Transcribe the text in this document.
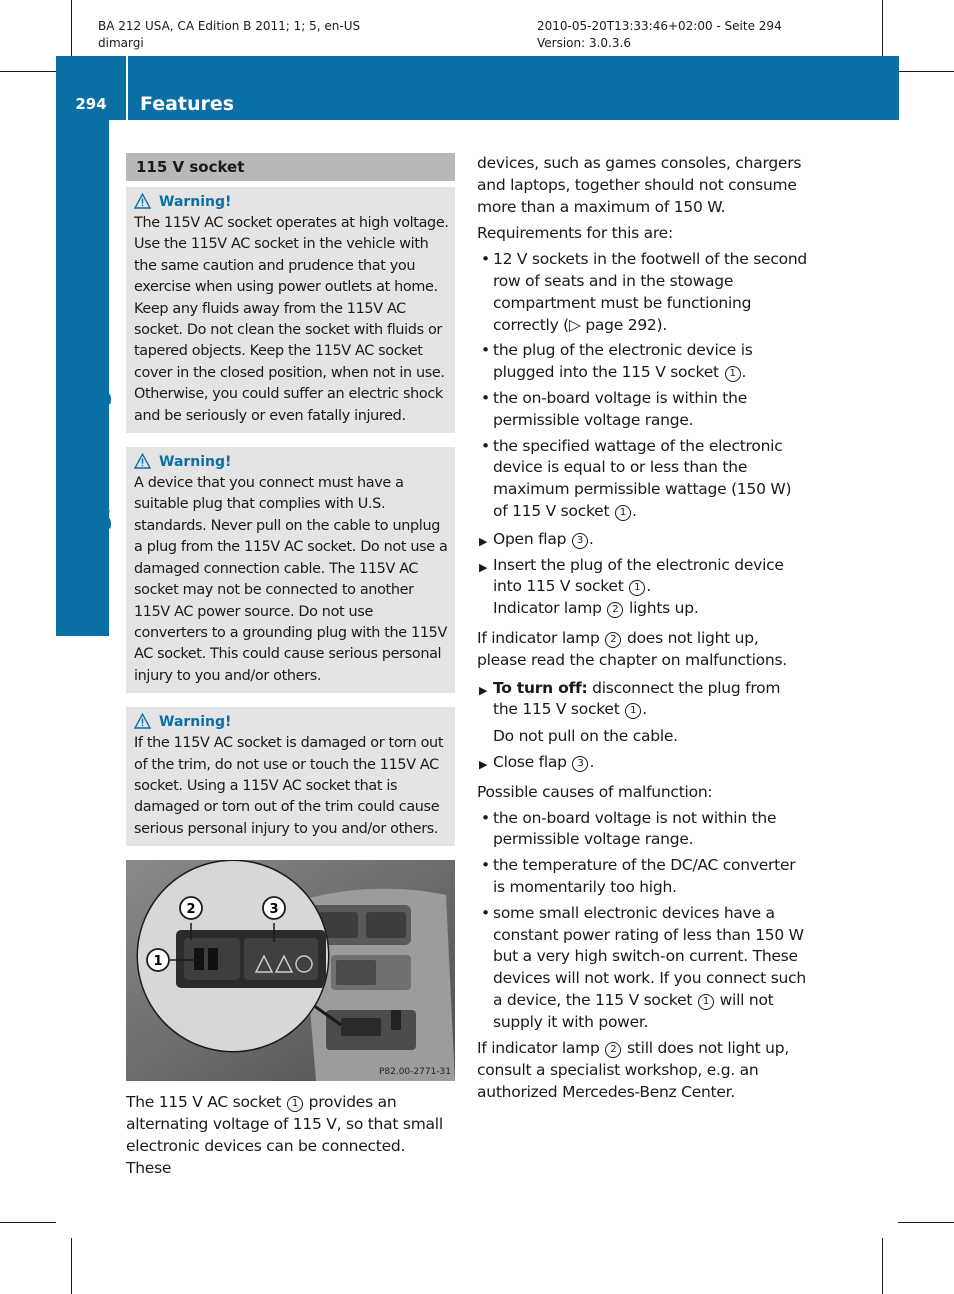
BA 212 USA, CA Edition B 2011; 1; 5, en-US
dimargi
2010-05-20T13:33:46+02:00 - Seite 294
Version: 3.0.3.6
294	Features
Loading, stowing and features
115 V socket
Warning!
The 115V AC socket operates at high voltage. Use the 115V AC socket in the vehicle with the same caution and prudence that you exercise when using power outlets at home. Keep any fluids away from the 115V AC socket. Do not clean the socket with fluids or tapered objects. Keep the 115V AC socket cover in the closed position, when not in use. Otherwise, you could suffer an electric shock and be seriously or even fatally injured.
Warning!
A device that you connect must have a suitable plug that complies with U.S. standards. Never pull on the cable to unplug a plug from the 115V AC socket. Do not use a damaged connection cable. The 115V AC socket may not be connected to another 115V AC power source. Do not use converters to a grounding plug with the 115V AC socket. This could cause serious personal injury to you and/or others.
Warning!
If the 115V AC socket is damaged or torn out of the trim, do not use or touch the 115V AC socket. Using a 115V AC socket that is damaged or torn out of the trim could cause serious personal injury to you and/or others.
2	3
1
P82.00-2771-31

The 115 V AC socket 1 provides an alternating voltage of 115 V, so that small electronic devices can be connected. These

devices, such as games consoles, chargers and laptops, together should not consume more than a maximum of 150 W.

Requirements for this are:

• 12 V sockets in the footwell of the second row of seats and in the stowage compartment must be functioning correctly (▷ page 292).

• the plug of the electronic device is plugged into the 115 V socket 1 .

• the on-board voltage is within the permissible voltage range.

• the specified wattage of the electronic device is equal to or less than the maximum permissible wattage (150 W) of 115 V socket 1 .

▶ Open flap 3 .

▶ Insert the plug of the electronic device into 115 V socket 1 .

Indicator lamp 2 lights up.

If indicator lamp 2 does not light up, please read the chapter on malfunctions.

▶ To turn off: disconnect the plug from the 115 V socket 1 .

Do not pull on the cable.

▶ Close flap 3 .

Possible causes of malfunction:

• the on-board voltage is not within the permissible voltage range.

• the temperature of the DC/AC converter is momentarily too high.

• some small electronic devices have a constant power rating of less than 150 W but a very high switch-on current. These devices will not work. If you connect such a device, the 115 V socket 1 will not supply it with power.

If indicator lamp 2 still does not light up, consult a specialist workshop, e.g. an authorized Mercedes-Benz Center.
